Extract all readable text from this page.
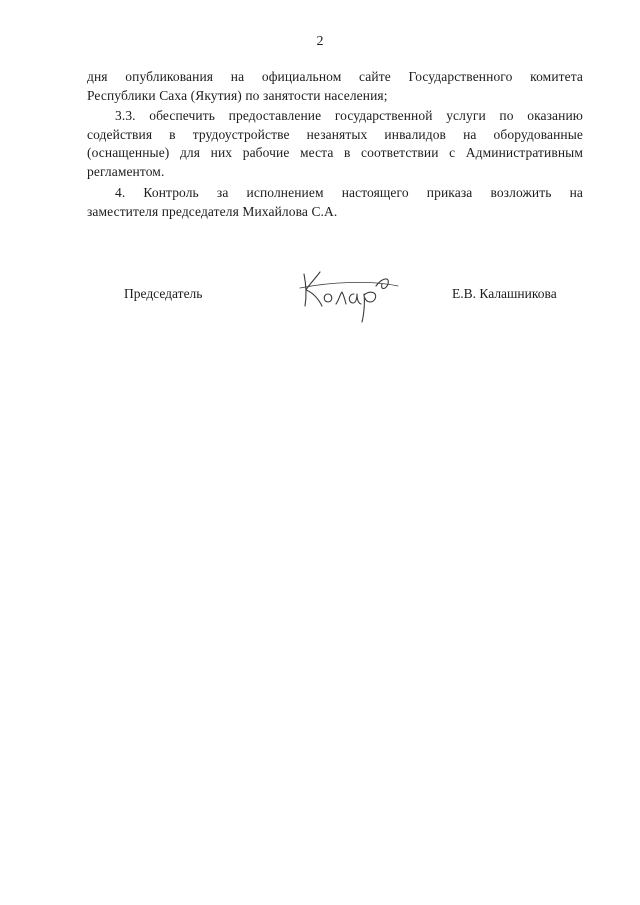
2
дня опубликования на официальном сайте Государственного комитета
Республики Саха (Якутия) по занятости населения;
3.3. обеспечить предоставление государственной услуги по оказанию
содействия в трудоустройстве незанятых инвалидов на оборудованные
(оснащенные) для них рабочие места в соответствии с Административным
регламентом.
4. Контроль за исполнением настоящего приказа возложить на
заместителя председателя Михайлова С.А.
Председатель	Е.В. Калашникова
